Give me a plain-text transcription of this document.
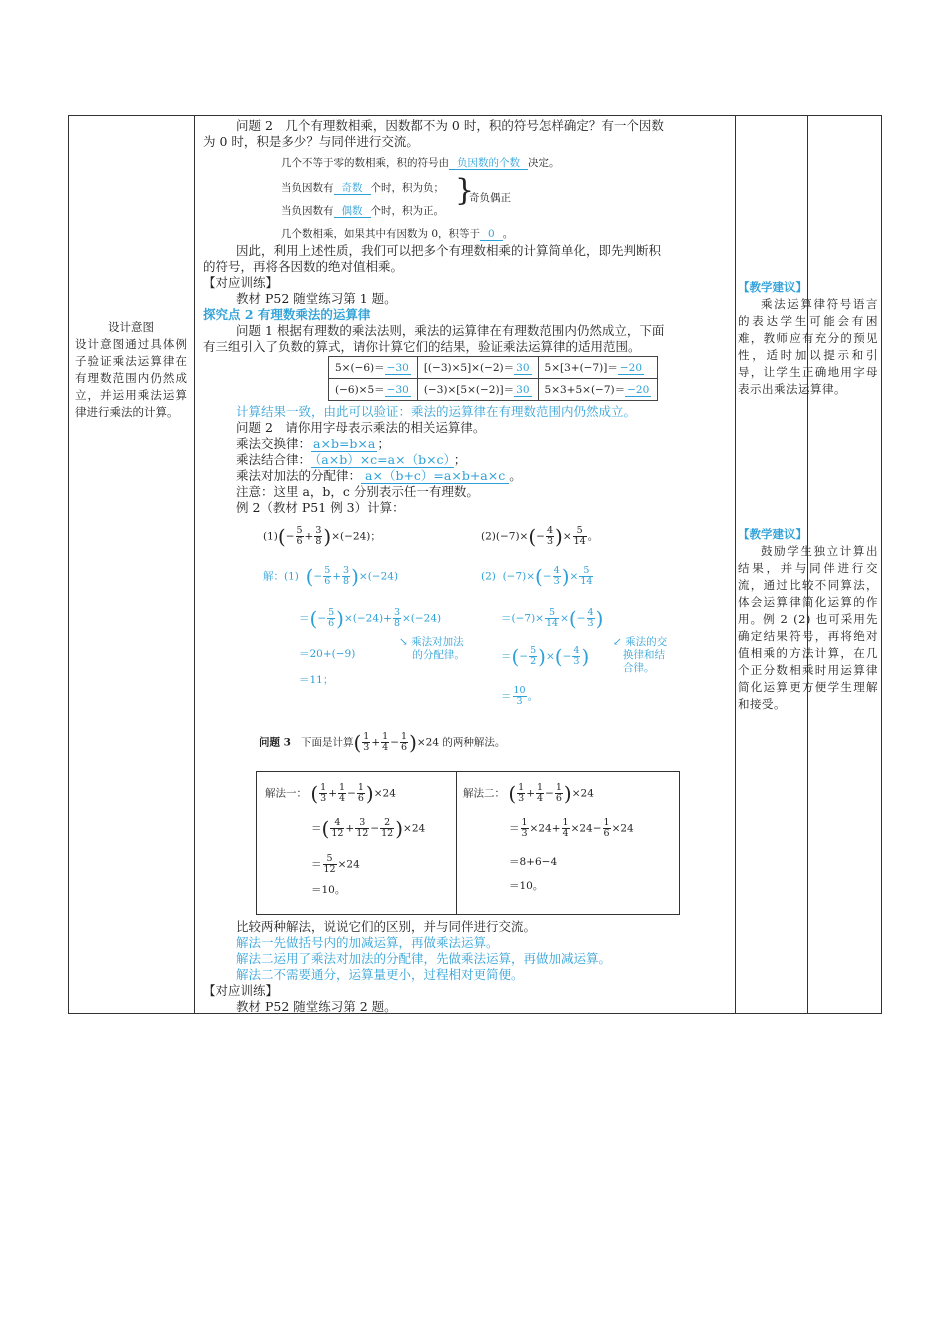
设计意图
设计意图通过具体例子验证乘法运算律在有理数范围内仍然成立，并运用乘法运算律进行乘法的计算。
问题 2　几个有理数相乘，因数都不为 0 时，积的符号怎样确定？有一个因数
为 0 时，积是多少？与同伴进行交流。
几个不等于零的数相乘，积的符号由 负因数的个数 决定。
当负因数有 奇数 个时，积为负；
当负因数有 偶数 个时，积为正。
}
奇负偶正
几个数相乘，如果其中有因数为 0，积等于 0 。
因此，利用上述性质，我们可以把多个有理数相乘的计算简单化，即先判断积
的符号，再将各因数的绝对值相乘。
【对应训练】
教材 P52 随堂练习第 1 题。
探究点 2 有理数乘法的运算律
问题 1 根据有理数的乘法法则，乘法的运算律在有理数范围内仍然成立，下面
有三组引入了负数的算式，请你计算它们的结果，验证乘法运算律的适用范围。
5×(−6)＝ −30	[(−3)×5]×(−2)＝ 30	5×[3+(−7)]＝ −20
(−6)×5＝ −30	(−3)×[5×(−2)]＝ 30	5×3+5×(−7)＝ −20
计算结果一致，由此可以验证：乘法的运算律在有理数范围内仍然成立。
问题 2　请你用字母表示乘法的相关运算律。
乘法交换律： a×b=b×a ；
乘法结合律： （a×b）×c=a×（b×c） ；
乘法对加法的分配律： a×（b+c）=a×b+a×c 。
注意：这里 a，b，c 分别表示任一有理数。
例 2（教材 P51 例 3）计算：
$(1)(- \frac{5}{6} + \frac{3}{8} )\times(-24)$；	$(2)(-7)\times(- \frac{4}{3}$ )× $\frac{5}{14}$ 。
解：(1) (− $\frac{5}{6} + \frac{3}{8} )\times(-24)$
＝(− $\frac{5}{6} )\times(-24)+ \frac{3}{8} \times(-24)$
↘ 乘法对加法
的分配律。
＝20+(−9)
＝11；
(2) $(-7)\times(- \frac{4}{3}$ )× $\frac{5}{14}$
$=(-7)\times \frac{5}{14}$ ×(− $\frac{4}{3}$ )
＝(− $\frac{5}{2}$ )×(− $\frac{4}{3}$ )
↙ 乘法的交
换律和结
合律。
＝ $\frac{10}{3}$ 。
问题 3 下面是计算( $\frac{1}{3} + \frac{1}{4} - \frac{1}{6} )\times 24$ 的两种解法。
解法一： ( $\frac{1}{3} + \frac{1}{4} - \frac{1}{6} )\times 24$
＝( $\frac{4}{12} + \frac{3}{12} - \frac{2}{12} )\times 24$
＝ $\frac{5}{12} \times 24$
＝10。
解法二： ( $\frac{1}{3} + \frac{1}{4} - \frac{1}{6} )\times 24$
＝ $\frac{1}{3} \times 24+ \frac{1}{4} \times 24- \frac{1}{6} \times 24$
＝8+6−4
＝10。
比较两种解法，说说它们的区别，并与同伴进行交流。
解法一先做括号内的加减运算，再做乘法运算。
解法二运用了乘法对加法的分配律，先做乘法运算，再做加减运算。
解法二不需要通分，运算量更小，过程相对更简便。
【对应训练】
教材 P52 随堂练习第 2 题。
【教学建议】
乘法运算律符号语言的表达学生可能会有困难，教师应有充分的预见性，适时加以提示和引导，让学生正确地用字母表示出乘法运算律。
【教学建议】
鼓励学生独立计算出结果，并与同伴进行交流，通过比较不同算法，体会运算律简化运算的作用。例 2 (2) 也可采用先确定结果符号，再将绝对值相乘的方法计算，在几个正分数相乘时用运算律简化运算更方便学生理解和接受。
